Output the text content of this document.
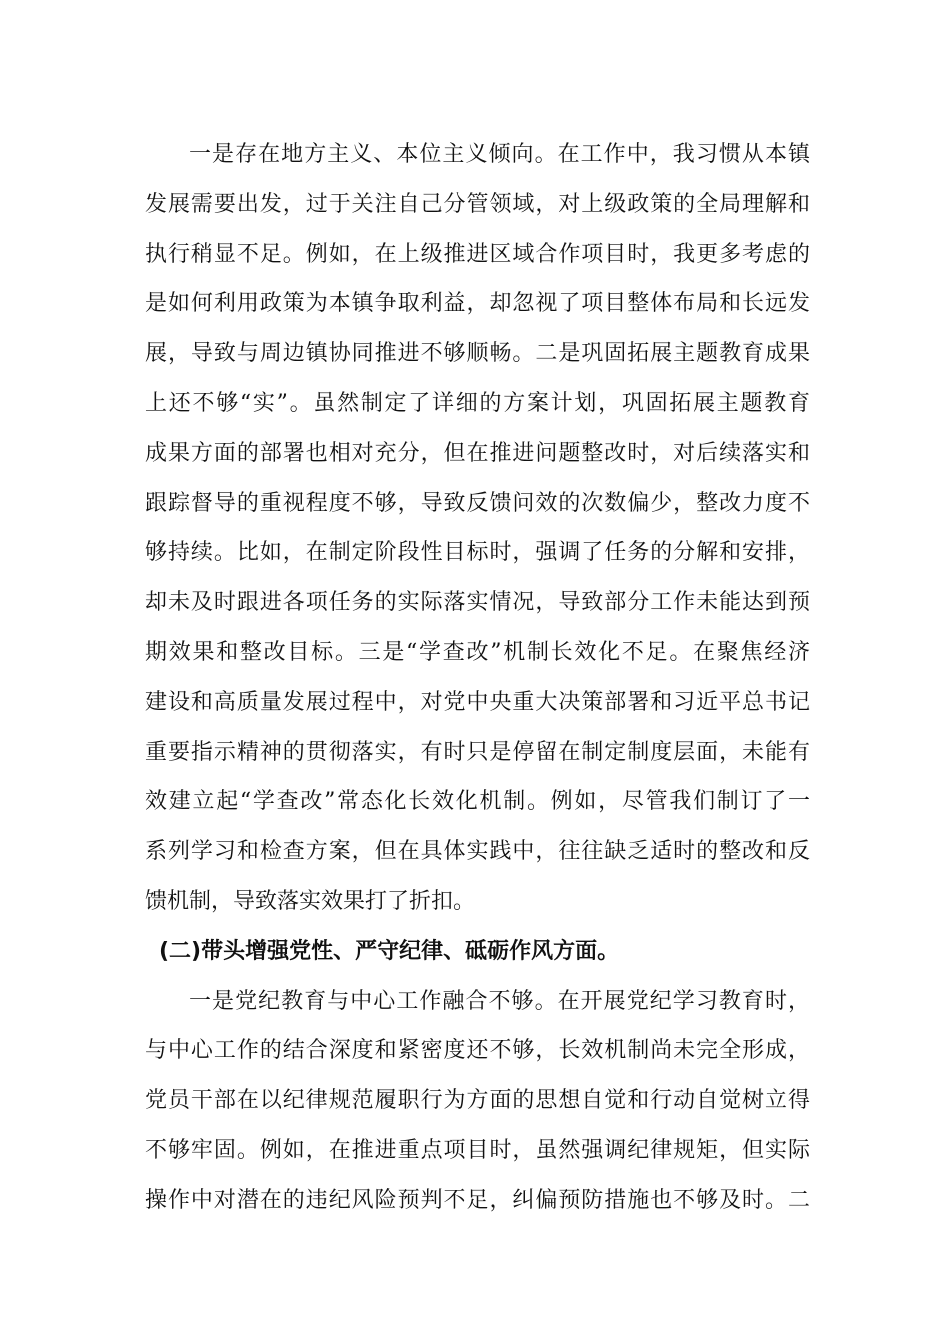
一是存在地方主义、本位主义倾向。在工作中，我习惯从本镇
发展需要出发，过于关注自己分管领域，对上级政策的全局理解和
执行稍显不足。例如，在上级推进区域合作项目时，我更多考虑的
是如何利用政策为本镇争取利益，却忽视了项目整体布局和长远发
展，导致与周边镇协同推进不够顺畅。二是巩固拓展主题教育成果
上还不够“实”。虽然制定了详细的方案计划，巩固拓展主题教育
成果方面的部署也相对充分，但在推进问题整改时，对后续落实和
跟踪督导的重视程度不够，导致反馈问效的次数偏少，整改力度不
够持续。比如，在制定阶段性目标时，强调了任务的分解和安排，
却未及时跟进各项任务的实际落实情况，导致部分工作未能达到预
期效果和整改目标。三是“学查改”机制长效化不足。在聚焦经济
建设和高质量发展过程中，对党中央重大决策部署和习近平总书记
重要指示精神的贯彻落实，有时只是停留在制定制度层面，未能有
效建立起“学查改”常态化长效化机制。例如，尽管我们制订了一
系列学习和检查方案，但在具体实践中，往往缺乏适时的整改和反
馈机制，导致落实效果打了折扣。
(二)带头增强党性、严守纪律、砥砺作风方面。
一是党纪教育与中心工作融合不够。在开展党纪学习教育时，
与中心工作的结合深度和紧密度还不够，长效机制尚未完全形成，
党员干部在以纪律规范履职行为方面的思想自觉和行动自觉树立得
不够牢固。例如，在推进重点项目时，虽然强调纪律规矩，但实际
操作中对潜在的违纪风险预判不足，纠偏预防措施也不够及时。二
